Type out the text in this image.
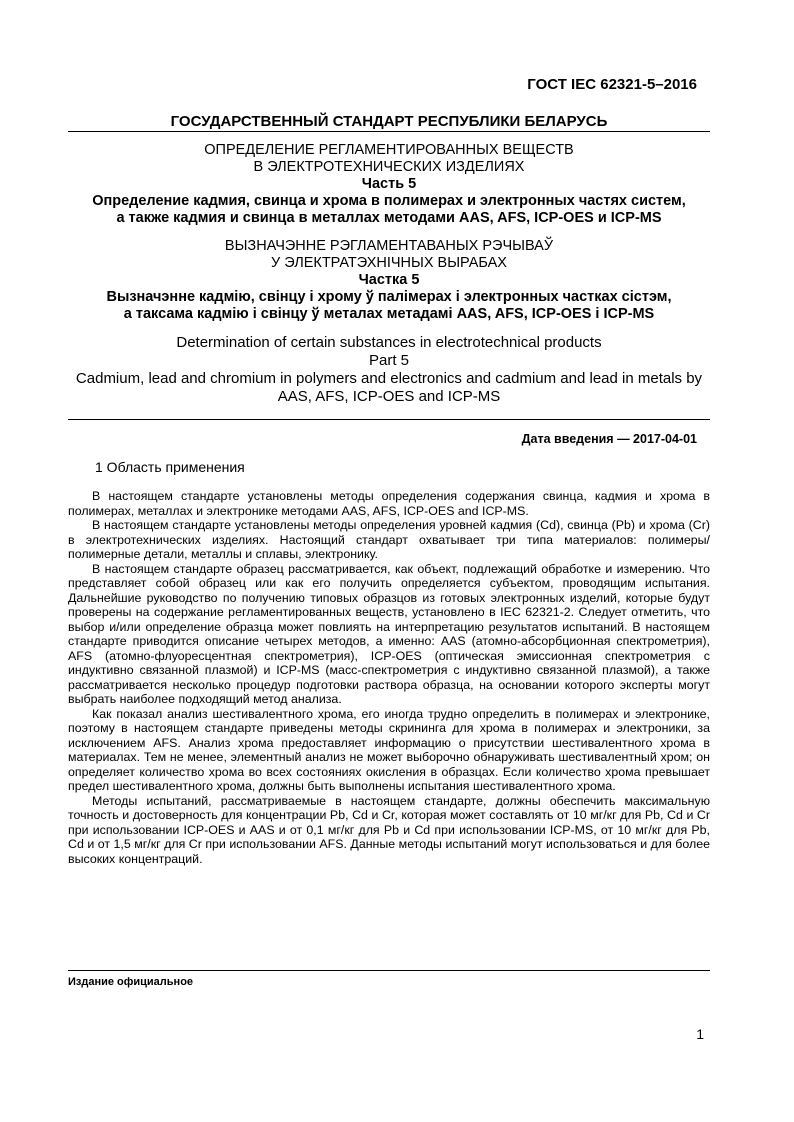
ГОСТ IEC 62321-5–2016
ГОСУДАРСТВЕННЫЙ СТАНДАРТ РЕСПУБЛИКИ БЕЛАРУСЬ

ОПРЕДЕЛЕНИЕ РЕГЛАМЕНТИРОВАННЫХ ВЕЩЕСТВ

В ЭЛЕКТРОТЕХНИЧЕСКИХ ИЗДЕЛИЯХ

Часть 5

Определение кадмия, свинца и хрома в полимерах и электронных частях систем,

а также кадмия и свинца в металлах методами AAS, AFS, ICP-OES и ICP-MS

ВЫЗНАЧЭННЕ РЭГЛАМЕНТАВАНЫХ РЭЧЫВАЎ

У ЭЛЕКТРАТЭХНІЧНЫХ ВЫРАБАХ

Частка 5

Вызначэнне кадмію, свінцу і хрому ў палімерах і электронных частках сістэм,

а таксама кадмію і свінцу ў металах метадамі AAS, AFS, ICP-OES і ICP-MS

Determination of certain substances in electrotechnical products

Part 5

Cadmium, lead and chromium in polymers and electronics and cadmium and lead in metals by

AAS, AFS, ICP-OES and ICP-MS

Дата введения — 2017-04-01
1 Область применения

В настоящем стандарте установлены методы определения содержания свинца, кадмия и хрома в полимерах, металлах и электронике методами AAS, AFS, ICP-OES and ICP-MS.

В настоящем стандарте установлены методы определения уровней кадмия (Cd), свинца (Pb) и хрома (Cr) в электротехнических изделиях. Настоящий стандарт охватывает три типа материалов: полимеры/полимерные детали, металлы и сплавы, электронику.

В настоящем стандарте образец рассматривается, как объект, подлежащий обработке и измерению. Что представляет собой образец или как его получить определяется субъектом, проводящим испытания. Дальнейшие руководство по получению типовых образцов из готовых электронных изделий, которые будут проверены на содержание регламентированных веществ, установлено в IEC 62321-2. Следует отметить, что выбор и/или определение образца может повлиять на интерпретацию результатов испытаний. В настоящем стандарте приводится описание четырех методов, а именно: AAS (атомно-абсорбционная спектрометрия), AFS (атомно-флуоресцентная спектрометрия), ICP-OES (оптическая эмиссионная спектрометрия с индуктивно связанной плазмой) и ICP-MS (масс-спектрометрия с индуктивно связанной плазмой), а также рассматривается несколько процедур подготовки раствора образца, на основании которого эксперты могут выбрать наиболее подходящий метод анализа.

Как показал анализ шестивалентного хрома, его иногда трудно определить в полимерах и электронике, поэтому в настоящем стандарте приведены методы скрининга для хрома в полимерах и электроники, за исключением AFS. Анализ хрома предоставляет информацию о присутствии шестивалентного хрома в материалах. Тем не менее, элементный анализ не может выборочно обнаруживать шестивалентный хром; он определяет количество хрома во всех состояниях окисления в образцах. Если количество хрома превышает предел шестивалентного хрома, должны быть выполнены испытания шестивалентного хрома.

Методы испытаний, рассматриваемые в настоящем стандарте, должны обеспечить максимальную точность и достоверность для концентрации Pb, Cd и Cr, которая может составлять от 10 мг/кг для Pb, Cd и Cr при использовании ICP-OES и AAS и от 0,1 мг/кг для Pb и Cd при использовании ICP-MS, от 10 мг/кг для Pb, Cd и от 1,5 мг/кг для Cr при использовании AFS. Данные методы испытаний могут использоваться и для более высоких концентраций.

Издание официальное
1
